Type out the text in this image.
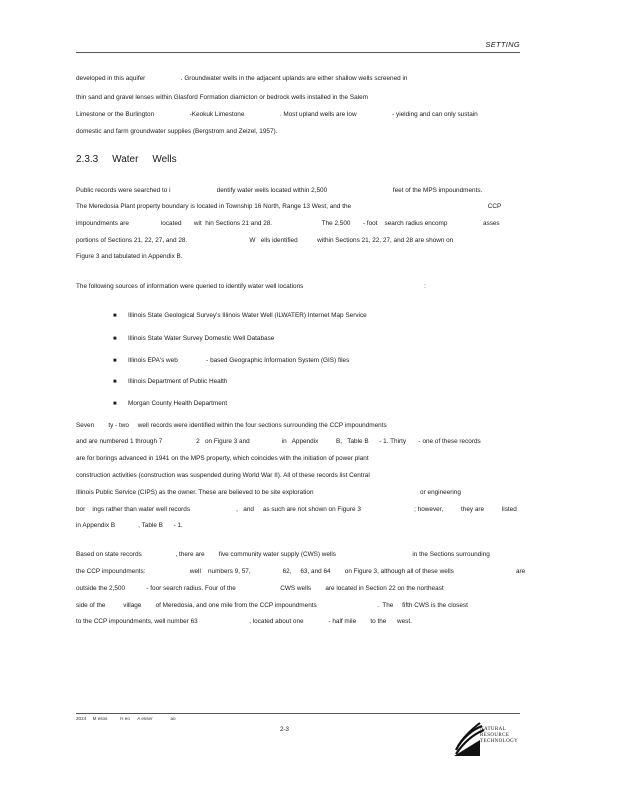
SETTING
developed in this aquifer                    . Groundwater wells in the adjacent uplands are either shallow wells screened in
thin sand and gravel lenses within Glasford Formation diamicton or bedrock wells installed in the Salem
Limestone or the Burlington                    -Keokuk Limestone                    . Most upland wells are low                    - yielding and can only sustain
domestic and farm groundwater supplies (Bergstrom and Zeizel, 1957).
2.3.3     Water     Wells
Public records were searched to i                          dentify water wells located within 2,500                                     feet of the MPS impoundments.
The Meredosia Plant property boundary is located in Township 16 North, Range 13 West, and the                                                                             CCP
impoundments are                  located       wit  hin Sections 21 and 28.                            The 2,500       - foot    search radius encomp                    asses
portions of Sections 21, 22, 27, and 28.                                   W   ells identified           within Sections 21, 22, 27, and 28 are shown on
Figure 3 and tabulated in Appendix B.
The following sources of information were queried to identify water well locations                                                                    :
■ Illinois State Geological Survey's Illinois Water Well (ILWATER) Internet Map Service
■ Illinois State Water Survey Domestic Well Database
■ Illinois EPA's web                - based Geographic Information System (GIS) files
■ Illinois Department of Public Health
■ Morgan County Health Department
Seven        ty - two     well records were identified within the four sections surrounding the CCP impoundments
and are numbered 1 through 7                   2   on Figure 3 and                  in   Appendix          B,   Table B      - 1. Thirty       - one of these records
are for borings advanced in 1941 on the MPS property, which coincides with the initiation of power plant
construction activities (construction was suspended during World War II). All of these records list Central
Illinois Public Service (CIPS) as the owner. These are believed to be site exploration                                                            or engineering
bor    ings rather than water well records                          ,   and     as such are not shown on Figure 3                              ; however,          they are          listed
in Appendix B             , Table B      - 1.
Based on state records                   , there are        five community water supply (CWS) wells                                           in the Sections surrounding
the CCP impoundments:                         well    numbers 9, 57,                  62,     63, and 64        on Figure 3, although all of these wells                                   are
outside the 2,500            - foor search radius. Four of the                         CWS wells        are located in Section 22 on the northeast
side of the          village        of Meredosia, and one mile from the CCP impoundments                                  .  The     fifth CWS is the closest
to the CCP impoundments, well number 63                             , located about one              - half mile        to the      west.
2024     M esos          H eo      A esser              ao
2-3	NATURAL
RESOURCE
TECHNOLOGY
